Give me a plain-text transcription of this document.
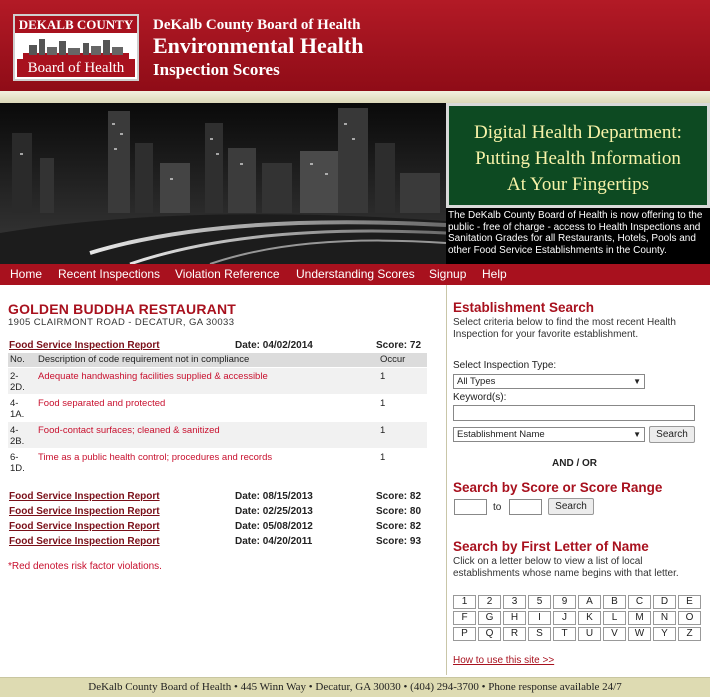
DEKALB COUNTY
Board of Health
DeKalb County Board of Health
Environmental Health
Inspection Scores
Digital Health Department:
Putting Health Information
At Your Fingertips
The DeKalb County Board of Health is now offering to the public - free of charge - access to Health Inspections and Sanitation Grades for all Restaurants, Hotels, Pools and other Food Service Establishments in the County.
Home Recent Inspections Violation Reference Understanding Scores Signup Help
GOLDEN BUDDHA RESTAURANT
1905 CLAIRMONT ROAD - DECATUR, GA 30033
Food Service Inspection Report	Date: 04/02/2014	Score: 72
No.	Description of code requirement not in compliance	Occur
2-
2D.	Adequate handwashing facilities supplied & accessible	1
4-
1A.	Food separated and protected	1
4-
2B.	Food-contact surfaces; cleaned & sanitized	1
6-
1D.	Time as a public health control; procedures and records	1
Food Service Inspection Report	Date: 08/15/2013	Score: 82
Food Service Inspection Report	Date: 02/25/2013	Score: 80
Food Service Inspection Report	Date: 05/08/2012	Score: 82
Food Service Inspection Report	Date: 04/20/2011	Score: 93
*Red denotes risk factor violations.
Establishment Search
Select criteria below to find the most recent Health Inspection for your favorite establishment.
Select Inspection Type:
All Types	▼
Keyword(s):
Establishment Name	▼	Search
AND / OR
Search by Score or Score Range
to	Search
Search by First Letter of Name
Click on a letter below to view a list of local establishments whose name begins with that letter.
1	2	3	5	9	A	B	C	D	E
F	G	H	I	J	K	L	M	N	O
P	Q	R	S	T	U	V	W	Y	Z
How to use this site >>
DeKalb County Board of Health • 445 Winn Way • Decatur, GA 30030 • (404) 294-3700 • Phone response available 24/7
